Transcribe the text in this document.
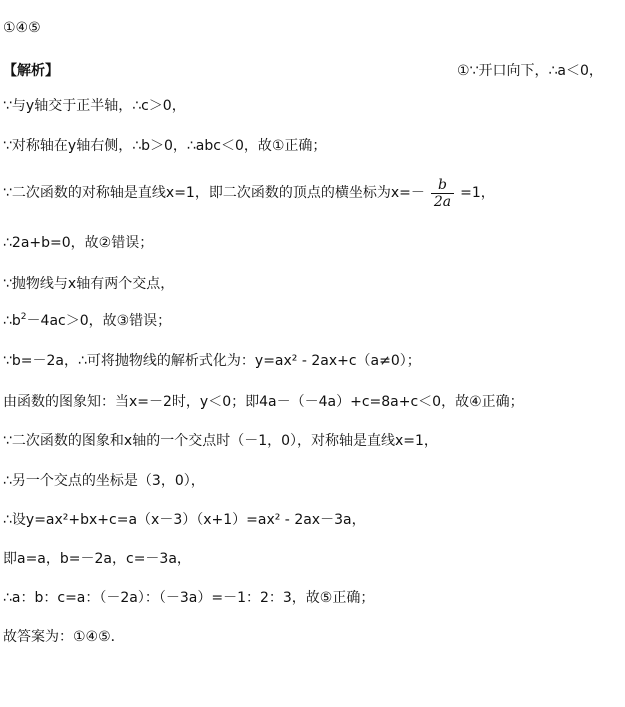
①④⑤
【解析】	①∵开口向下，∴a＜0，
∵与y轴交于正半轴，∴c＞0，
∵对称轴在y轴右侧，∴b＞0，∴abc＜0，故①正确；
∵二次函数的对称轴是直线x=1，即二次函数的顶点的横坐标为$x=- \frac{b}{2a} =1$，
∴2a+b=0，故②错误；
∵抛物线与x轴有两个交点，
$\therefore b^2-4ac>0$，故③错误；
∵b=－2a，∴可将抛物线的解析式化为：y=ax² - 2ax+c（a≠0）；
由函数的图象知：当x=－2时，y＜0；即4a－（－4a）+c=8a+c＜0，故④正确；
∵二次函数的图象和x轴的一个交点时（－1，0），对称轴是直线x=1，
∴另一个交点的坐标是（3，0），
∴设y=ax²+bx+c=a（x－3）（x+1）=ax² - 2ax－3a，
即a=a，b=－2a，c=－3a，
∴a：b：c=a：（－2a）：（－3a）=－1：2：3，故⑤正确；
故答案为：①④⑤．
